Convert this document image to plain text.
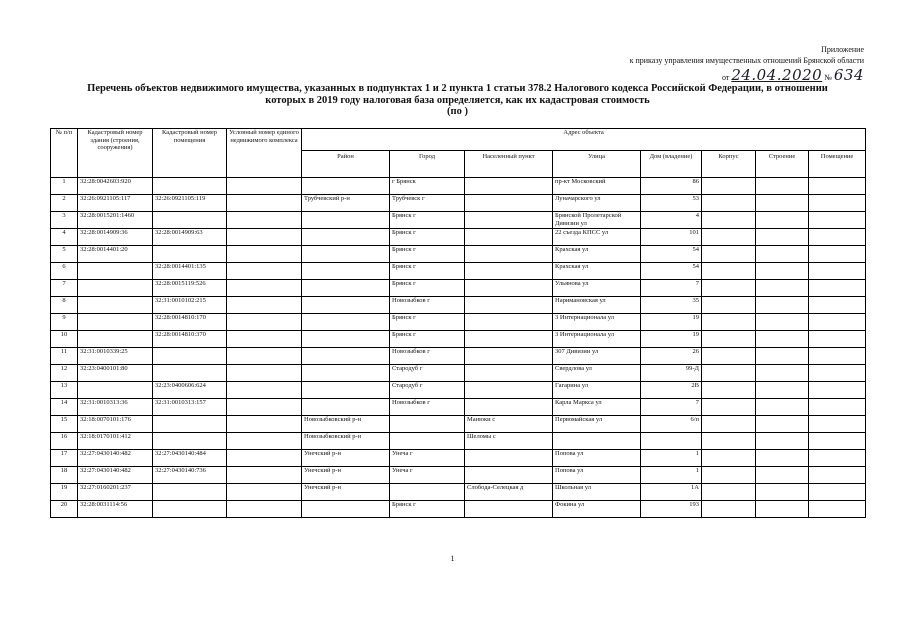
Приложение
к приказу управления имущественных отношений Брянской области
от 24.04.2020 № 634
Перечень объектов недвижимого имущества, указанных в подпунктах 1 и 2 пункта 1 статьи 378.2 Налогового кодекса Российской Федерации, в отношении
которых в 2019 году налоговая база определяется, как их кадастровая стоимость
(по )
№ п/п	Кадастровый номер здания (строения, сооружения)	Кадастровый номер помещения	Условный номер единого недвижимого комплекса	Адрес объекта							
				Район	Город	Населенный пункт	Улица	Дом (владение)	Корпус	Строение	Помещение
1	32:28:0042603:920				г Брянск		пр-кт Московский	86			
2	32:26:0921105:117	32:26:0921105:119		Трубчевский р-н	Трубчевск г		Луначарского ул	53			
3	32:28:0015201:1460				Брянск г		Брянской Пролетарской Дивизии ул	4			
4	32:28:0014909:36	32:28:0014909:63			Брянск г		22 съезда КПСС ул	101			
5	32:28:0014401:20				Брянск г		Крахская ул	54			
6		32:28:0014401:135			Брянск г		Крахская ул	54			
7		32:28:0015119:526			Брянск г		Ульянова ул	7			
8		32:31:0010102:215			Новозыбков г		Наримановская ул	35			
9		32:28:0014810:170			Брянск г		3 Интернационала ул	19			
10		32:28:0014810:370			Брянск г		3 Интернационала ул	19			
11	32:31:0010339:25				Новозыбков г		307 Дивизии ул	26			
12	32:23:0400101:80				Стародуб г		Свердлова ул	99-Д			
13		32:23:0400606:624			Стародуб г		Гагарина ул	2В			
14	32:31:0010313:36	32:31:0010313:157			Новозыбков г		Карла Маркса ул	7			
15	32:18:0070101:176			Новозыбковский р-н		Манюки с	Первомайская ул	6/п			
16	32:18:0170101:412			Новозыбковский р-н		Шеломы с					
17	32:27:0430140:482	32:27:0430140:484		Унечский р-н	Унеча г		Попова ул	1			
18	32:27:0430140:482	32:27:0430140:736		Унечский р-н	Унеча г		Попова ул	1			
19	32:27:0160201:237			Унечский р-н		Слобода-Селецкая д	Школьная ул	1А			
20	32:28:0031114:56				Брянск г		Фокина ул	193			
1
